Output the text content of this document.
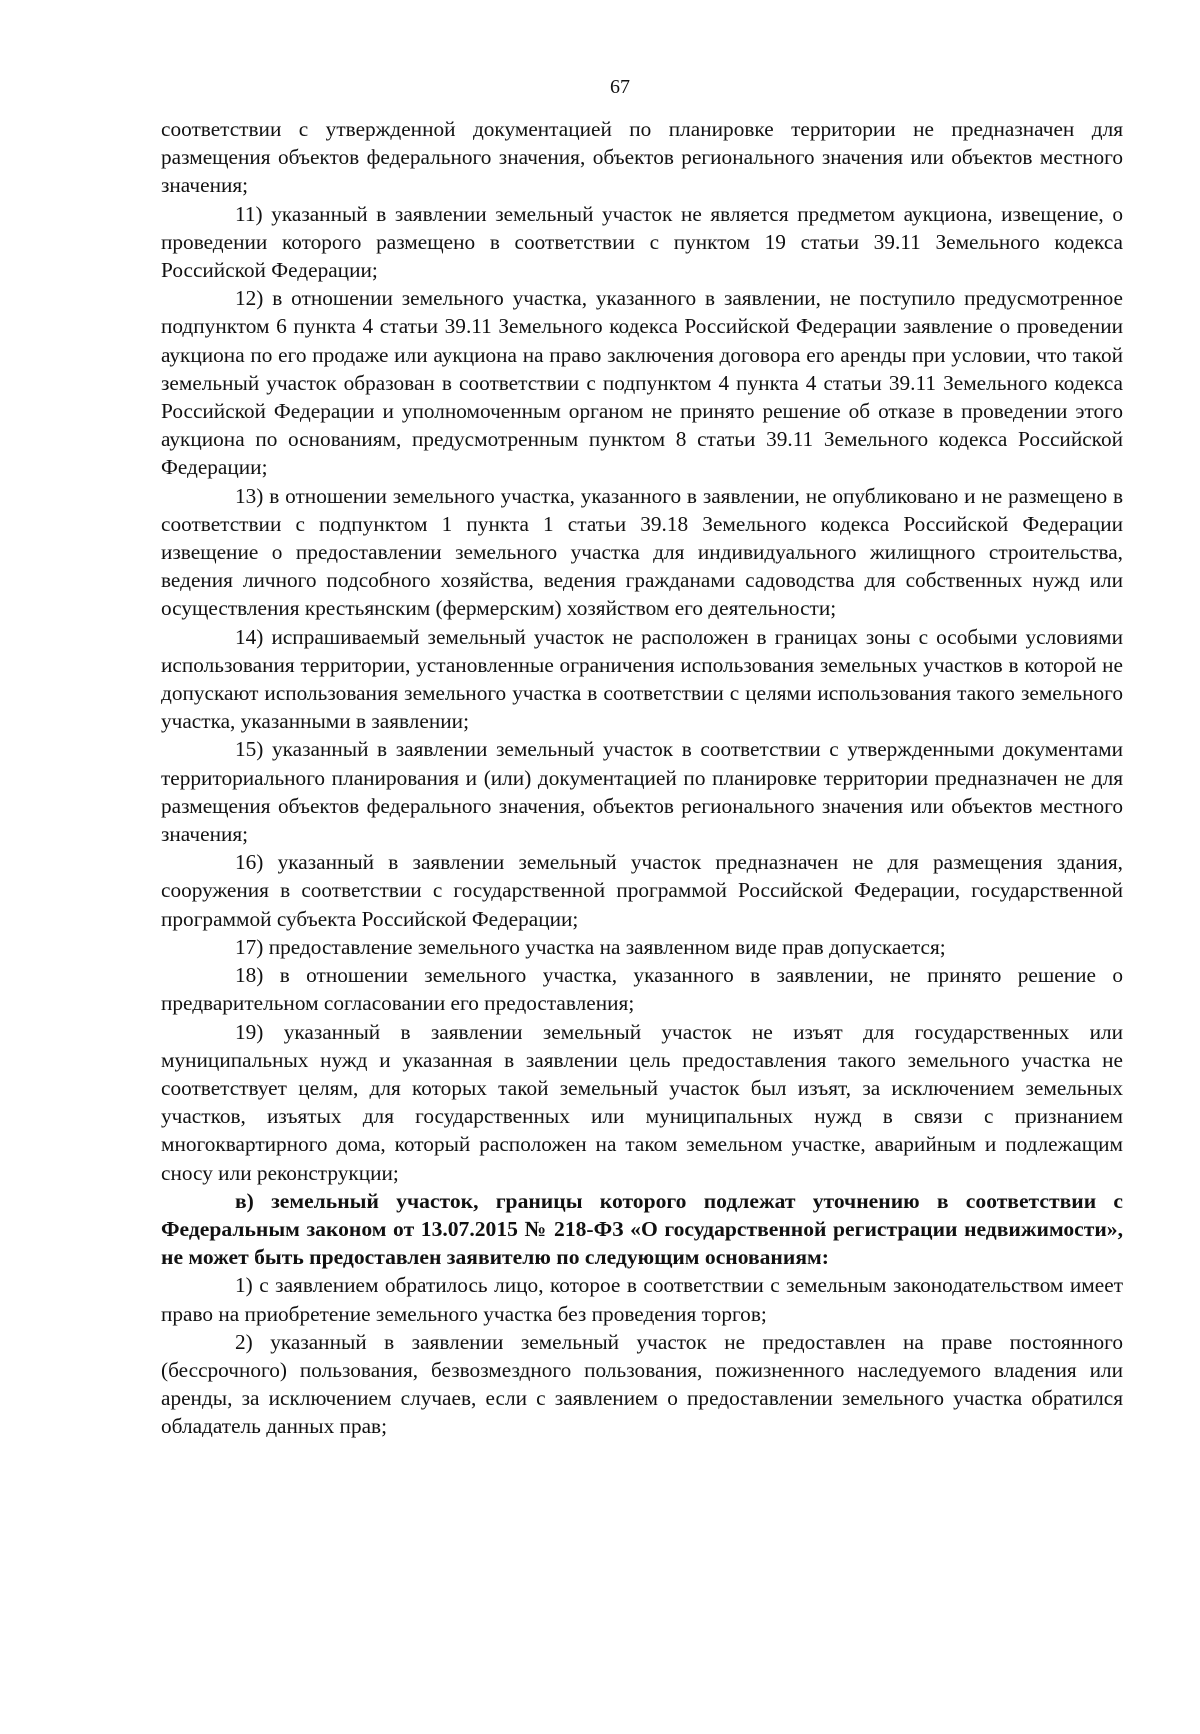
67

соответствии с утвержденной документацией по планировке территории не предназначен для размещения объектов федерального значения, объектов регионального значения или объектов местного значения;

11) указанный в заявлении земельный участок не является предметом аукциона, извещение, о проведении которого размещено в соответствии с пунктом 19 статьи 39.11 Земельного кодекса Российской Федерации;

12) в отношении земельного участка, указанного в заявлении, не поступило предусмотренное подпунктом 6 пункта 4 статьи 39.11 Земельного кодекса Российской Федерации заявление о проведении аукциона по его продаже или аукциона на право заключения договора его аренды при условии, что такой земельный участок образован в соответствии с подпунктом 4 пункта 4 статьи 39.11 Земельного кодекса Российской Федерации и уполномоченным органом не принято решение об отказе в проведении этого аукциона по основаниям, предусмотренным пунктом 8 статьи 39.11 Земельного кодекса Российской Федерации;

13) в отношении земельного участка, указанного в заявлении, не опубликовано и не размещено в соответствии с подпунктом 1 пункта 1 статьи 39.18 Земельного кодекса Российской Федерации извещение о предоставлении земельного участка для индивидуального жилищного строительства, ведения личного подсобного хозяйства, ведения гражданами садоводства для собственных нужд или осуществления крестьянским (фермерским) хозяйством его деятельности;

14) испрашиваемый земельный участок не расположен в границах зоны с особыми условиями использования территории, установленные ограничения использования земельных участков в которой не допускают использования земельного участка в соответствии с целями использования такого земельного участка, указанными в заявлении;

15) указанный в заявлении земельный участок в соответствии с утвержденными документами территориального планирования и (или) документацией по планировке территории предназначен не для размещения объектов федерального значения, объектов регионального значения или объектов местного значения;

16) указанный в заявлении земельный участок предназначен не для размещения здания, сооружения в соответствии с государственной программой Российской Федерации, государственной программой субъекта Российской Федерации;

17) предоставление земельного участка на заявленном виде прав допускается;

18) в отношении земельного участка, указанного в заявлении, не принято решение о предварительном согласовании его предоставления;

19) указанный в заявлении земельный участок не изъят для государственных или муниципальных нужд и указанная в заявлении цель предоставления такого земельного участка не соответствует целям, для которых такой земельный участок был изъят, за исключением земельных участков, изъятых для государственных или муниципальных нужд в связи с признанием многоквартирного дома, который расположен на таком земельном участке, аварийным и подлежащим сносу или реконструкции;

в) земельный участок, границы которого подлежат уточнению в соответствии с Федеральным законом от 13.07.2015 № 218-ФЗ «О государственной регистрации недвижимости», не может быть предоставлен заявителю по следующим основаниям:

1) с заявлением обратилось лицо, которое в соответствии с земельным законодательством имеет право на приобретение земельного участка без проведения торгов;

2) указанный в заявлении земельный участок не предоставлен на праве постоянного (бессрочного) пользования, безвозмездного пользования, пожизненного наследуемого владения или аренды, за исключением случаев, если с заявлением о предоставлении земельного участка обратился обладатель данных прав;
